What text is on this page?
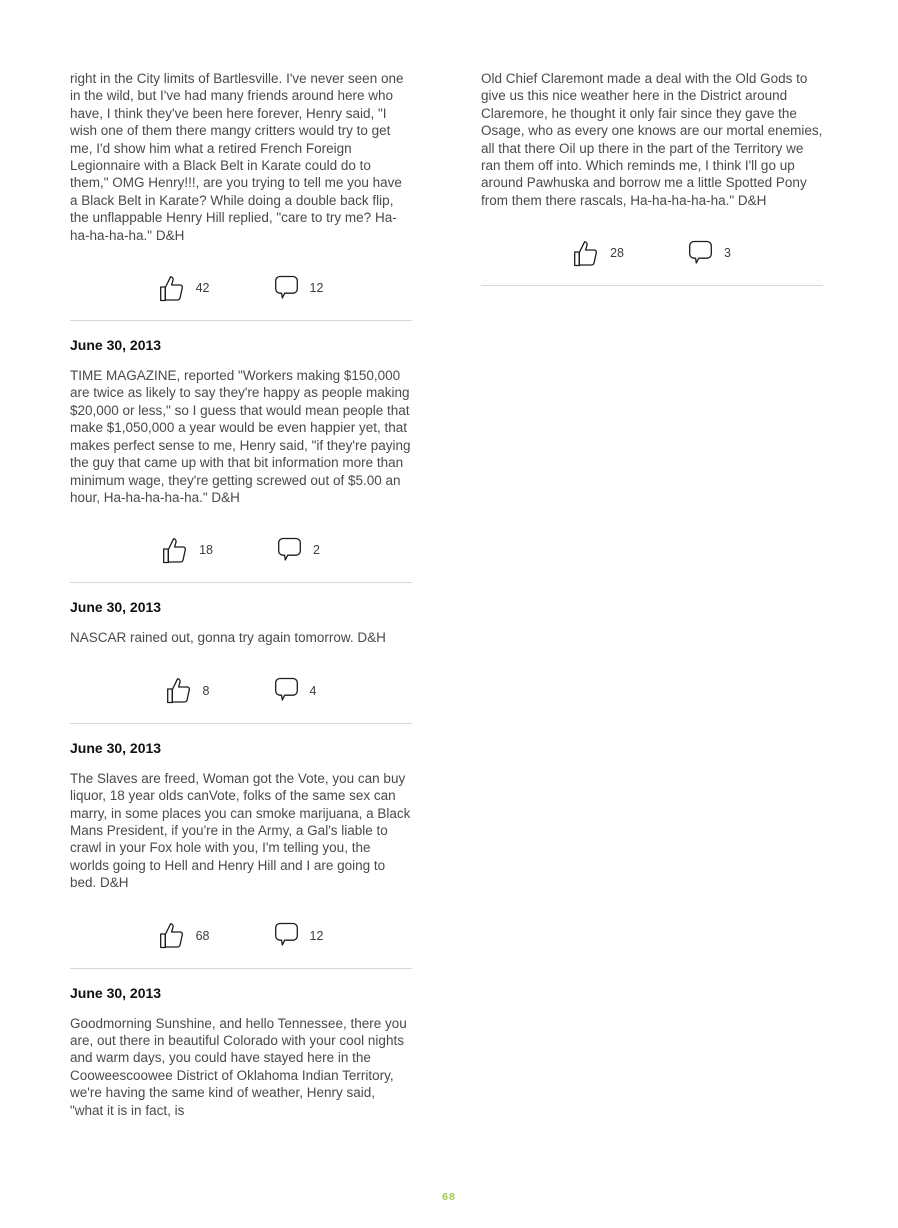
right in the City limits of Bartlesville. I've never seen one in the wild, but I've had many friends around here who have, I think they've been here forever, Henry said, "I wish one of them there mangy critters would try to get me, I'd show him what a retired French Foreign Legionnaire with a Black Belt in Karate could do to them," OMG Henry!!!, are you trying to tell me you have a Black Belt in Karate? While doing a double back flip, the unflappable Henry Hill replied, "care to try me? Ha-ha-ha-ha-ha." D&H

42	12
June 30, 2013

TIME MAGAZINE, reported "Workers making $150,000 are twice as likely to say they're happy as people making $20,000 or less," so I guess that would mean people that make $1,050,000 a year would be even happier yet, that makes perfect sense to me, Henry said, "if they're paying the guy that came up with that bit information more than minimum wage, they're getting screwed out of $5.00 an hour, Ha-ha-ha-ha-ha." D&H

18	2
June 30, 2013

NASCAR rained out, gonna try again tomorrow. D&H

8	4
June 30, 2013

The Slaves are freed, Woman got the Vote, you can buy liquor, 18 year olds canVote, folks of the same sex can marry, in some places you can smoke marijuana, a Black Mans President, if you're in the Army, a Gal's liable to crawl in your Fox hole with you, I'm telling you, the worlds going to Hell and Henry Hill and I are going to bed. D&H

68	12
June 30, 2013

Goodmorning Sunshine, and hello Tennessee, there you are, out there in beautiful Colorado with your cool nights and warm days, you could have stayed here in the Cooweescoowee District of Oklahoma Indian Territory, we're having the same kind of weather, Henry said, "what it is in fact, is

Old Chief Claremont made a deal with the Old Gods to give us this nice weather here in the District around Claremore, he thought it only fair since they gave the Osage, who as every one knows are our mortal enemies, all that there Oil up there in the part of the Territory we ran them off into. Which reminds me, I think I'll go up around Pawhuska and borrow me a little Spotted Pony from them there rascals, Ha-ha-ha-ha-ha." D&H

28	3
68
